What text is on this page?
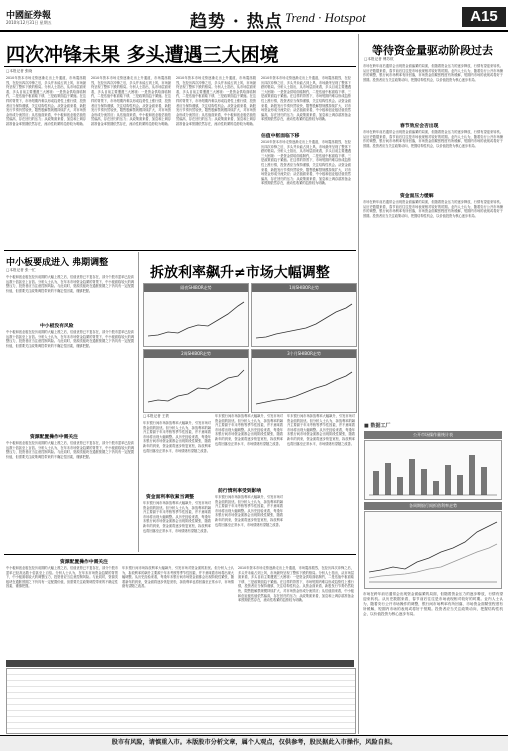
中國証券報
2010年12月31日 星期五	趋势 · 热点 Trend · Hotspot	A15
四次冲锋未果 多头遭遇三大困境
□本报记者 张晓
2010年资本市场走势逐渐走出上升通道，市场震荡剧烈，在经历四次冲锋之后，多头并未能占到上风，市场最终呈现了整体下跌的格局。分析人士指出，从市场层面来看，多头目前主要遭遇三大困境：一是资金供给面临制约，二是估值中枢面临下移，三是政策面趋于紧缩。在这样的背景下，市场短期内难以形成趋势性上涨行情，投资者应当保持谨慎，关注结构性机会。从资金面来看，新股发行节奏仍然较快，限售股解禁规模持续扩大，对市场资金形成分流效应；从估值面来看，中小板和创业板估值依然偏高，存在回归的压力；从政策面来看，加息和上调存款准备金率预期依然存在，流动性收紧的趋势较为明确。
2010年资本市场走势逐渐走出上升通道，市场震荡剧烈，在经历四次冲锋之后，多头并未能占到上风，市场最终呈现了整体下跌的格局。分析人士指出，从市场层面来看，多头目前主要遭遇三大困境：一是资金供给面临制约，二是估值中枢面临下移，三是政策面趋于紧缩。在这样的背景下，市场短期内难以形成趋势性上涨行情，投资者应当保持谨慎，关注结构性机会。从资金面来看，新股发行节奏仍然较快，限售股解禁规模持续扩大，对市场资金形成分流效应；从估值面来看，中小板和创业板估值依然偏高，存在回归的压力；从政策面来看，加息和上调存款准备金率预期依然存在，流动性收紧的趋势较为明确。
2010年资本市场走势逐渐走出上升通道，市场震荡剧烈，在经历四次冲锋之后，多头并未能占到上风，市场最终呈现了整体下跌的格局。分析人士指出，从市场层面来看，多头目前主要遭遇三大困境：一是资金供给面临制约，二是估值中枢面临下移，三是政策面趋于紧缩。在这样的背景下，市场短期内难以形成趋势性上涨行情，投资者应当保持谨慎，关注结构性机会。从资金面来看，新股发行节奏仍然较快，限售股解禁规模持续扩大，对市场资金形成分流效应；从估值面来看，中小板和创业板估值依然偏高，存在回归的压力；从政策面来看，加息和上调存款准备金率预期依然存在，流动性收紧的趋势较为明确。
估值中枢面临下移
2010年资本市场走势逐渐走出上升通道，市场震荡剧烈，在经历四次冲锋之后，多头并未能占到上风，市场最终呈现了整体下跌的格局。分析人士指出，从市场层面来看，多头目前主要遭遇三大困境：一是资金供给面临制约，二是估值中枢面临下移，三是政策面趋于紧缩。在这样的背景下，市场短期内难以形成趋势性上涨行情，投资者应当保持谨慎，关注结构性机会。从资金面来看，新股发行节奏仍然较快，限售股解禁规模持续扩大，对市场资金形成分流效应；从估值面来看，中小板和创业板估值依然偏高，存在回归的压力；从政策面来看，加息和上调存款准备金率预期依然存在，流动性收紧的趋势较为明确。
2010年资本市场走势逐渐走出上升通道，市场震荡剧烈，在经历四次冲锋之后，多头并未能占到上风，市场最终呈现了整体下跌的格局。分析人士指出，从市场层面来看，多头目前主要遭遇三大困境：一是资金供给面临制约，二是估值中枢面临下移，三是政策面趋于紧缩。在这样的背景下，市场短期内难以形成趋势性上涨行情，投资者应当保持谨慎，关注结构性机会。从资金面来看，新股发行节奏仍然较快，限售股解禁规模持续扩大，对市场资金形成分流效应；从估值面来看，中小板和创业板估值依然偏高，存在回归的压力；从政策面来看，加息和上调存款准备金率预期依然存在，流动性收紧的趋势较为明确。
等待资金量驱动阶段过去
□本报记者 傅苏杭
市场在跨年前后通常会出现资金面偏紧的局面，但随着资金压力的逐步释放，行情有望迎来转机。从历史数据来看，春节前后往往是市场表现相对较好的时期。业内人士认为，随着央行公开市场操作的调整，银行间市场利率有所回落，市场资金面紧张程度有所缓解，短期内市场的表现或将好于预期。投资者应当关注政策动向，把握结构性机会，以价值投资为核心逐步布局。
春节效应会否出现
市场在跨年前后通常会出现资金面偏紧的局面，但随着资金压力的逐步释放，行情有望迎来转机。从历史数据来看，春节前后往往是市场表现相对较好的时期。业内人士认为，随着央行公开市场操作的调整，银行间市场利率有所回落，市场资金面紧张程度有所缓解，短期内市场的表现或将好于预期。投资者应当关注政策动向，把握结构性机会，以价值投资为核心逐步布局。
资金面压力缓解
市场在跨年前后通常会出现资金面偏紧的局面，但随着资金压力的逐步释放，行情有望迎来转机。从历史数据来看，春节前后往往是市场表现相对较好的时期。业内人士认为，随着央行公开市场操作的调整，银行间市场利率有所回落，市场资金面紧张程度有所缓解，短期内市场的表现或将好于预期。投资者应当关注政策动向，把握结构性机会，以价值投资为核心逐步布局。
■ 数据工厂
公开市场操作量统计表
各周期银行间拆借利率走势
市场在跨年前后通常会出现资金面偏紧的局面，但随着资金压力的逐步释放，行情有望迎来转机。从历史数据来看，春节前后往往是市场表现相对较好的时期。业内人士认为，随着央行公开市场操作的调整，银行间市场利率有所回落，市场资金面紧张程度有所缓解，短期内市场的表现或将好于预期。投资者应当关注政策动向，把握结构性机会，以价值投资为核心逐步布局。
中小板要成进入 弗期调整
□本报记者 张一忙
中小板和创业板在经历前期的大幅上涨之后，估值优势已不复存在，部分个股市盈率已经高达数十倍甚至上百倍。分析人士认为，在年末市场资金趋紧的背景下，中小板面临较大的调整压力，投资者应当注意控制风险。与此同时，资源类板块在通胀预期之下仍具有一定配置价值，但需要关注政策调控带来的不确定性因素，谨慎把握。
中小板没有风险
中小板和创业板在经历前期的大幅上涨之后，估值优势已不复存在，部分个股市盈率已经高达数十倍甚至上百倍。分析人士认为，在年末市场资金趋紧的背景下，中小板面临较大的调整压力，投资者应当注意控制风险。与此同时，资源类板块在通胀预期之下仍具有一定配置价值，但需要关注政策调控带来的不确定性因素，谨慎把握。
资源配置操作中需关注
中小板和创业板在经历前期的大幅上涨之后，估值优势已不复存在，部分个股市盈率已经高达数十倍甚至上百倍。分析人士认为，在年末市场资金趋紧的背景下，中小板面临较大的调整压力，投资者应当注意控制风险。与此同时，资源类板块在通胀预期之下仍具有一定配置价值，但需要关注政策调控带来的不确定性因素，谨慎把握。
拆放利率飙升≠市场大幅调整
隔夜SHIBOR走势	1周SHIBOR走势
2周SHIBOR走势	3个月SHIBOR走势
□本报记者 王铁
年末银行间市场拆放利率大幅飙升，引发市场对资金面的担忧。但分析人士认为，拆放利率的飙升主要源于年末考核等季节性因素，并不意味着市场将出现大幅调整。从历史经验来看，每逢年末银行间市场资金面都会出现阶段性紧张，随着新年的到来，资金面将逐步恢复宽松，拆放利率也将回落至正常水平，市场情绪有望随之改善。
资金面利率收紧当调整
年末银行间市场拆放利率大幅飙升，引发市场对资金面的担忧。但分析人士认为，拆放利率的飙升主要源于年末考核等季节性因素，并不意味着市场将出现大幅调整。从历史经验来看，每逢年末银行间市场资金面都会出现阶段性紧张，随着新年的到来，资金面将逐步恢复宽松，拆放利率也将回落至正常水平，市场情绪有望随之改善。
年末银行间市场拆放利率大幅飙升，引发市场对资金面的担忧。但分析人士认为，拆放利率的飙升主要源于年末考核等季节性因素，并不意味着市场将出现大幅调整。从历史经验来看，每逢年末银行间市场资金面都会出现阶段性紧张，随着新年的到来，资金面将逐步恢复宽松，拆放利率也将回落至正常水平，市场情绪有望随之改善。
前行情利率受到影响
年末银行间市场拆放利率大幅飙升，引发市场对资金面的担忧。但分析人士认为，拆放利率的飙升主要源于年末考核等季节性因素，并不意味着市场将出现大幅调整。从历史经验来看，每逢年末银行间市场资金面都会出现阶段性紧张，随着新年的到来，资金面将逐步恢复宽松，拆放利率也将回落至正常水平，市场情绪有望随之改善。
年末银行间市场拆放利率大幅飙升，引发市场对资金面的担忧。但分析人士认为，拆放利率的飙升主要源于年末考核等季节性因素，并不意味着市场将出现大幅调整。从历史经验来看，每逢年末银行间市场资金面都会出现阶段性紧张，随着新年的到来，资金面将逐步恢复宽松，拆放利率也将回落至正常水平，市场情绪有望随之改善。
资源配置操作中需关注
中小板和创业板在经历前期的大幅上涨之后，估值优势已不复存在，部分个股市盈率已经高达数十倍甚至上百倍。分析人士认为，在年末市场资金趋紧的背景下，中小板面临较大的调整压力，投资者应当注意控制风险。与此同时，资源类板块在通胀预期之下仍具有一定配置价值，但需要关注政策调控带来的不确定性因素，谨慎把握。
年末银行间市场拆放利率大幅飙升，引发市场对资金面的担忧。但分析人士认为，拆放利率的飙升主要源于年末考核等季节性因素，并不意味着市场将出现大幅调整。从历史经验来看，每逢年末银行间市场资金面都会出现阶段性紧张，随着新年的到来，资金面将逐步恢复宽松，拆放利率也将回落至正常水平，市场情绪有望随之改善。
2010年资本市场走势逐渐走出上升通道，市场震荡剧烈，在经历四次冲锋之后，多头并未能占到上风，市场最终呈现了整体下跌的格局。分析人士指出，从市场层面来看，多头目前主要遭遇三大困境：一是资金供给面临制约，二是估值中枢面临下移，三是政策面趋于紧缩。在这样的背景下，市场短期内难以形成趋势性上涨行情，投资者应当保持谨慎，关注结构性机会。从资金面来看，新股发行节奏仍然较快，限售股解禁规模持续扩大，对市场资金形成分流效应；从估值面来看，中小板和创业板估值依然偏高，存在回归的压力；从政策面来看，加息和上调存款准备金率预期依然存在，流动性收紧的趋势较为明确。
股市有风险，请慎重入市。本版股市分析文章，属个人观点，仅供参考，股民据此入市操作，风险自担。
